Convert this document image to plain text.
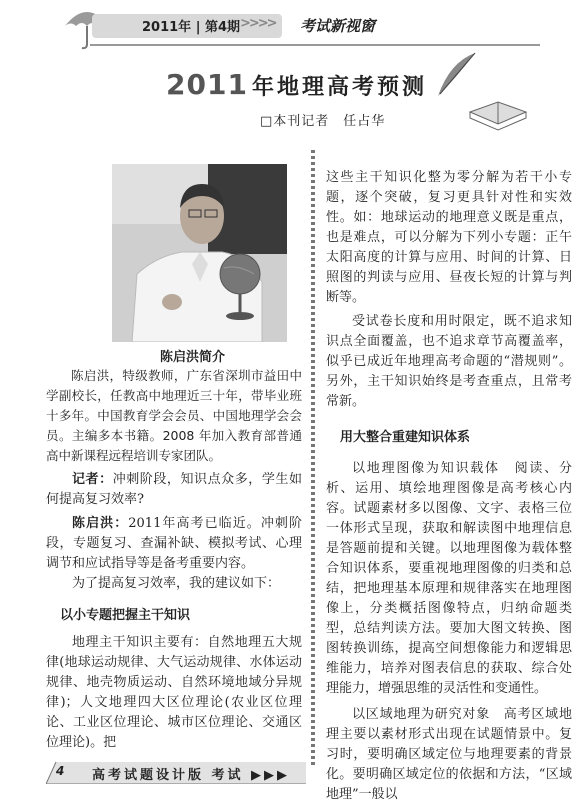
2011年 | 第4期 >>>> 考试新视窗
2011 年地理高考预测
□本刊记者　任占华
陈启洪简介

陈启洪，特级教师，广东省深圳市益田中学副校长，任教高中地理近三十年，带毕业班十多年。中国教育学会会员、中国地理学会会员。主编多本书籍。2008 年加入教育部普通高中新课程远程培训专家团队。

记者：冲刺阶段，知识点众多，学生如何提高复习效率?

陈启洪：2011年高考已临近。冲刺阶段，专题复习、查漏补缺、模拟考试、心理调节和应试指导等是备考重要内容。

为了提高复习效率，我的建议如下：

以小专题把握主干知识

地理主干知识主要有：自然地理五大规律(地球运动规律、大气运动规律、水体运动规律、地壳物质运动、自然环境地域分异规律)；人文地理四大区位理论(农业区位理论、工业区位理论、城市区位理论、交通区位理论)。把

这些主干知识化整为零分解为若干小专题，逐个突破，复习更具针对性和实效性。如：地球运动的地理意义既是重点，也是难点，可以分解为下列小专题：正午太阳高度的计算与应用、时间的计算、日照图的判读与应用、昼夜长短的计算与判断等。

受试卷长度和用时限定，既不追求知识点全面覆盖，也不追求章节高覆盖率，似乎已成近年地理高考命题的“潜规则”。另外，主干知识始终是考查重点，且常考常新。

用大整合重建知识体系

以地理图像为知识载体　阅读、分析、运用、填绘地理图像是高考核心内容。试题素材多以图像、文字、表格三位一体形式呈现，获取和解读图中地理信息是答题前提和关键。以地理图像为载体整合知识体系，要重视地理图像的归类和总结，把地理基本原理和规律落实在地理图像上，分类概括图像特点，归纳命题类型，总结判读方法。要加大图文转换、图图转换训练，提高空间想像能力和逻辑思维能力，培养对图表信息的获取、综合处理能力，增强思维的灵活性和变通性。

以区域地理为研究对象　高考区域地理主要以素材形式出现在试题情景中。复习时，要明确区域定位与地理要素的背景化。要明确区域定位的依据和方法，“区域地理”一般以

4 高考试题设计版 考试 ▶▶▶
